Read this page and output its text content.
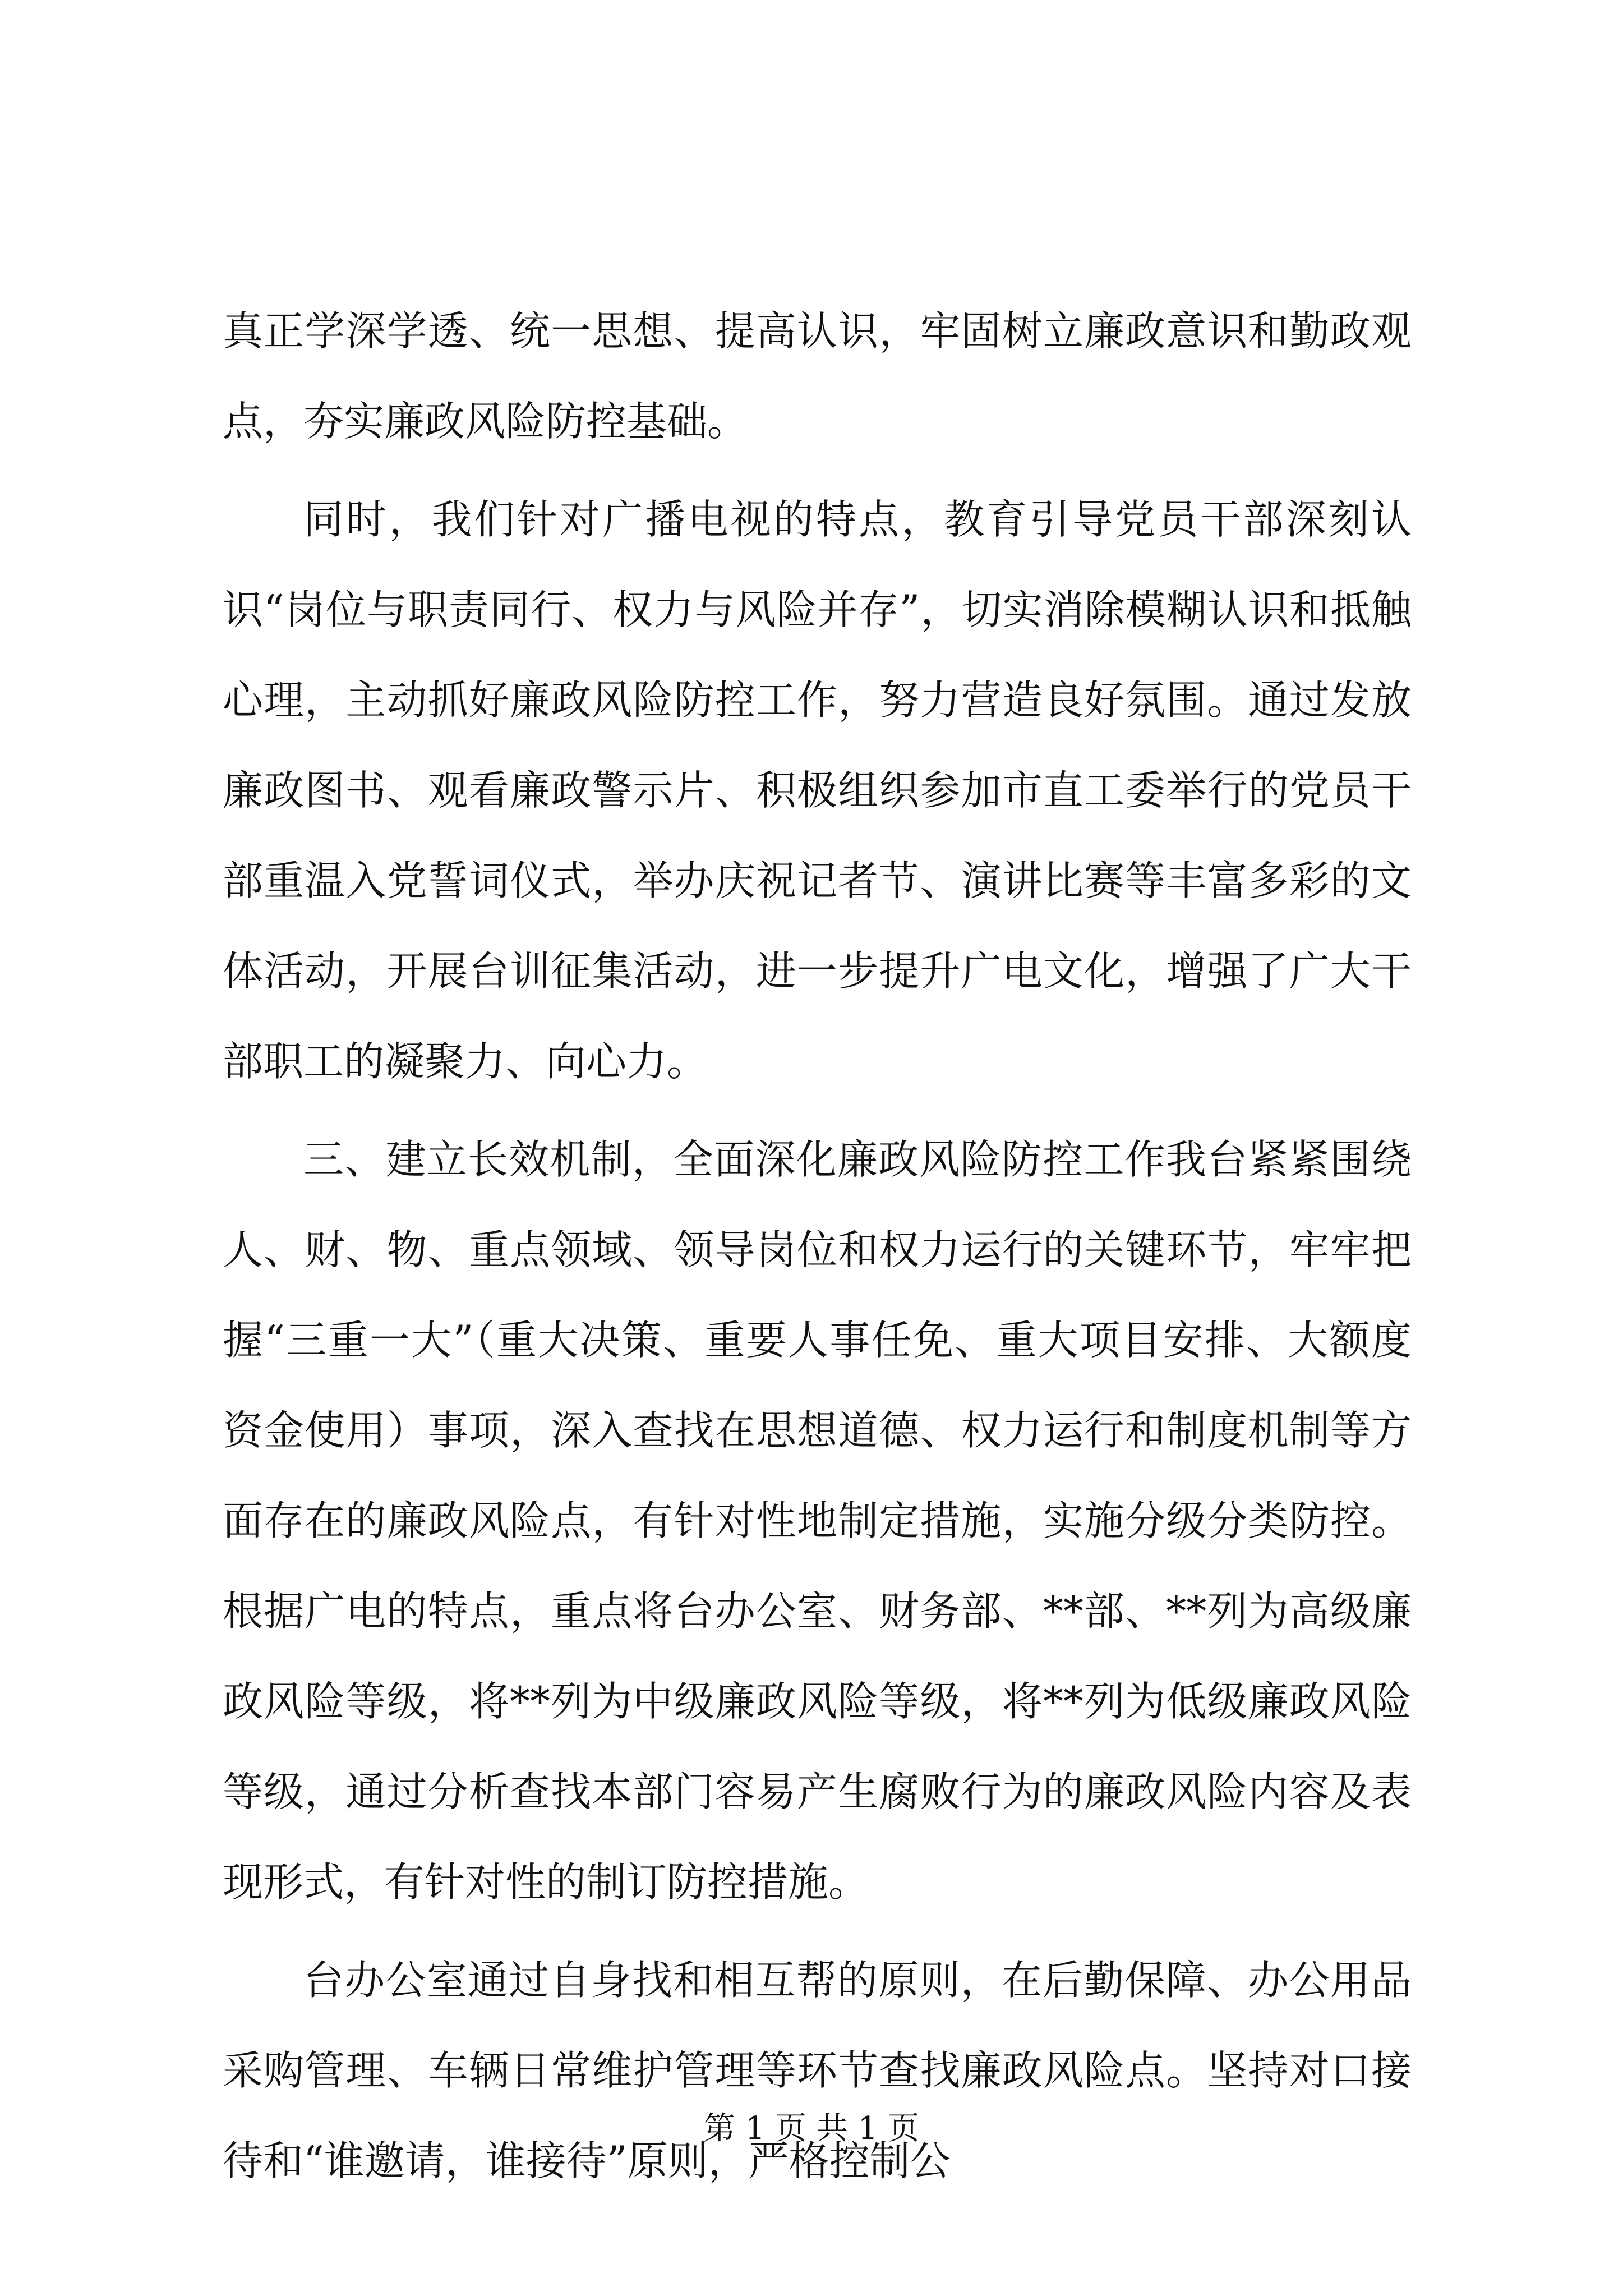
真正学深学透、统一思想、提高认识，牢固树立廉政意识和勤政观点，夯实廉政风险防控基础。

同时，我们针对广播电视的特点，教育引导党员干部深刻认识“岗位与职责同行、权力与风险并存”，切实消除模糊认识和抵触心理，主动抓好廉政风险防控工作，努力营造良好氛围。通过发放廉政图书、观看廉政警示片、积极组织参加市直工委举行的党员干部重温入党誓词仪式，举办庆祝记者节、演讲比赛等丰富多彩的文体活动，开展台训征集活动，进一步提升广电文化，增强了广大干部职工的凝聚力、向心力。

三、建立长效机制，全面深化廉政风险防控工作我台紧紧围绕人、财、物、重点领域、领导岗位和权力运行的关键环节，牢牢把握“三重一大”（重大决策、重要人事任免、重大项目安排、大额度资金使用）事项，深入查找在思想道德、权力运行和制度机制等方面存在的廉政风险点，有针对性地制定措施，实施分级分类防控。根据广电的特点，重点将台办公室、财务部、**部、**列为高级廉政风险等级，将**列为中级廉政风险等级，将**列为低级廉政风险等级，通过分析查找本部门容易产生腐败行为的廉政风险内容及表现形式，有针对性的制订防控措施。

台办公室通过自身找和相互帮的原则，在后勤保障、办公用品采购管理、车辆日常维护管理等环节查找廉政风险点。坚持对口接待和“谁邀请，谁接待”原则，严格控制公

第 1 页 共 1 页
